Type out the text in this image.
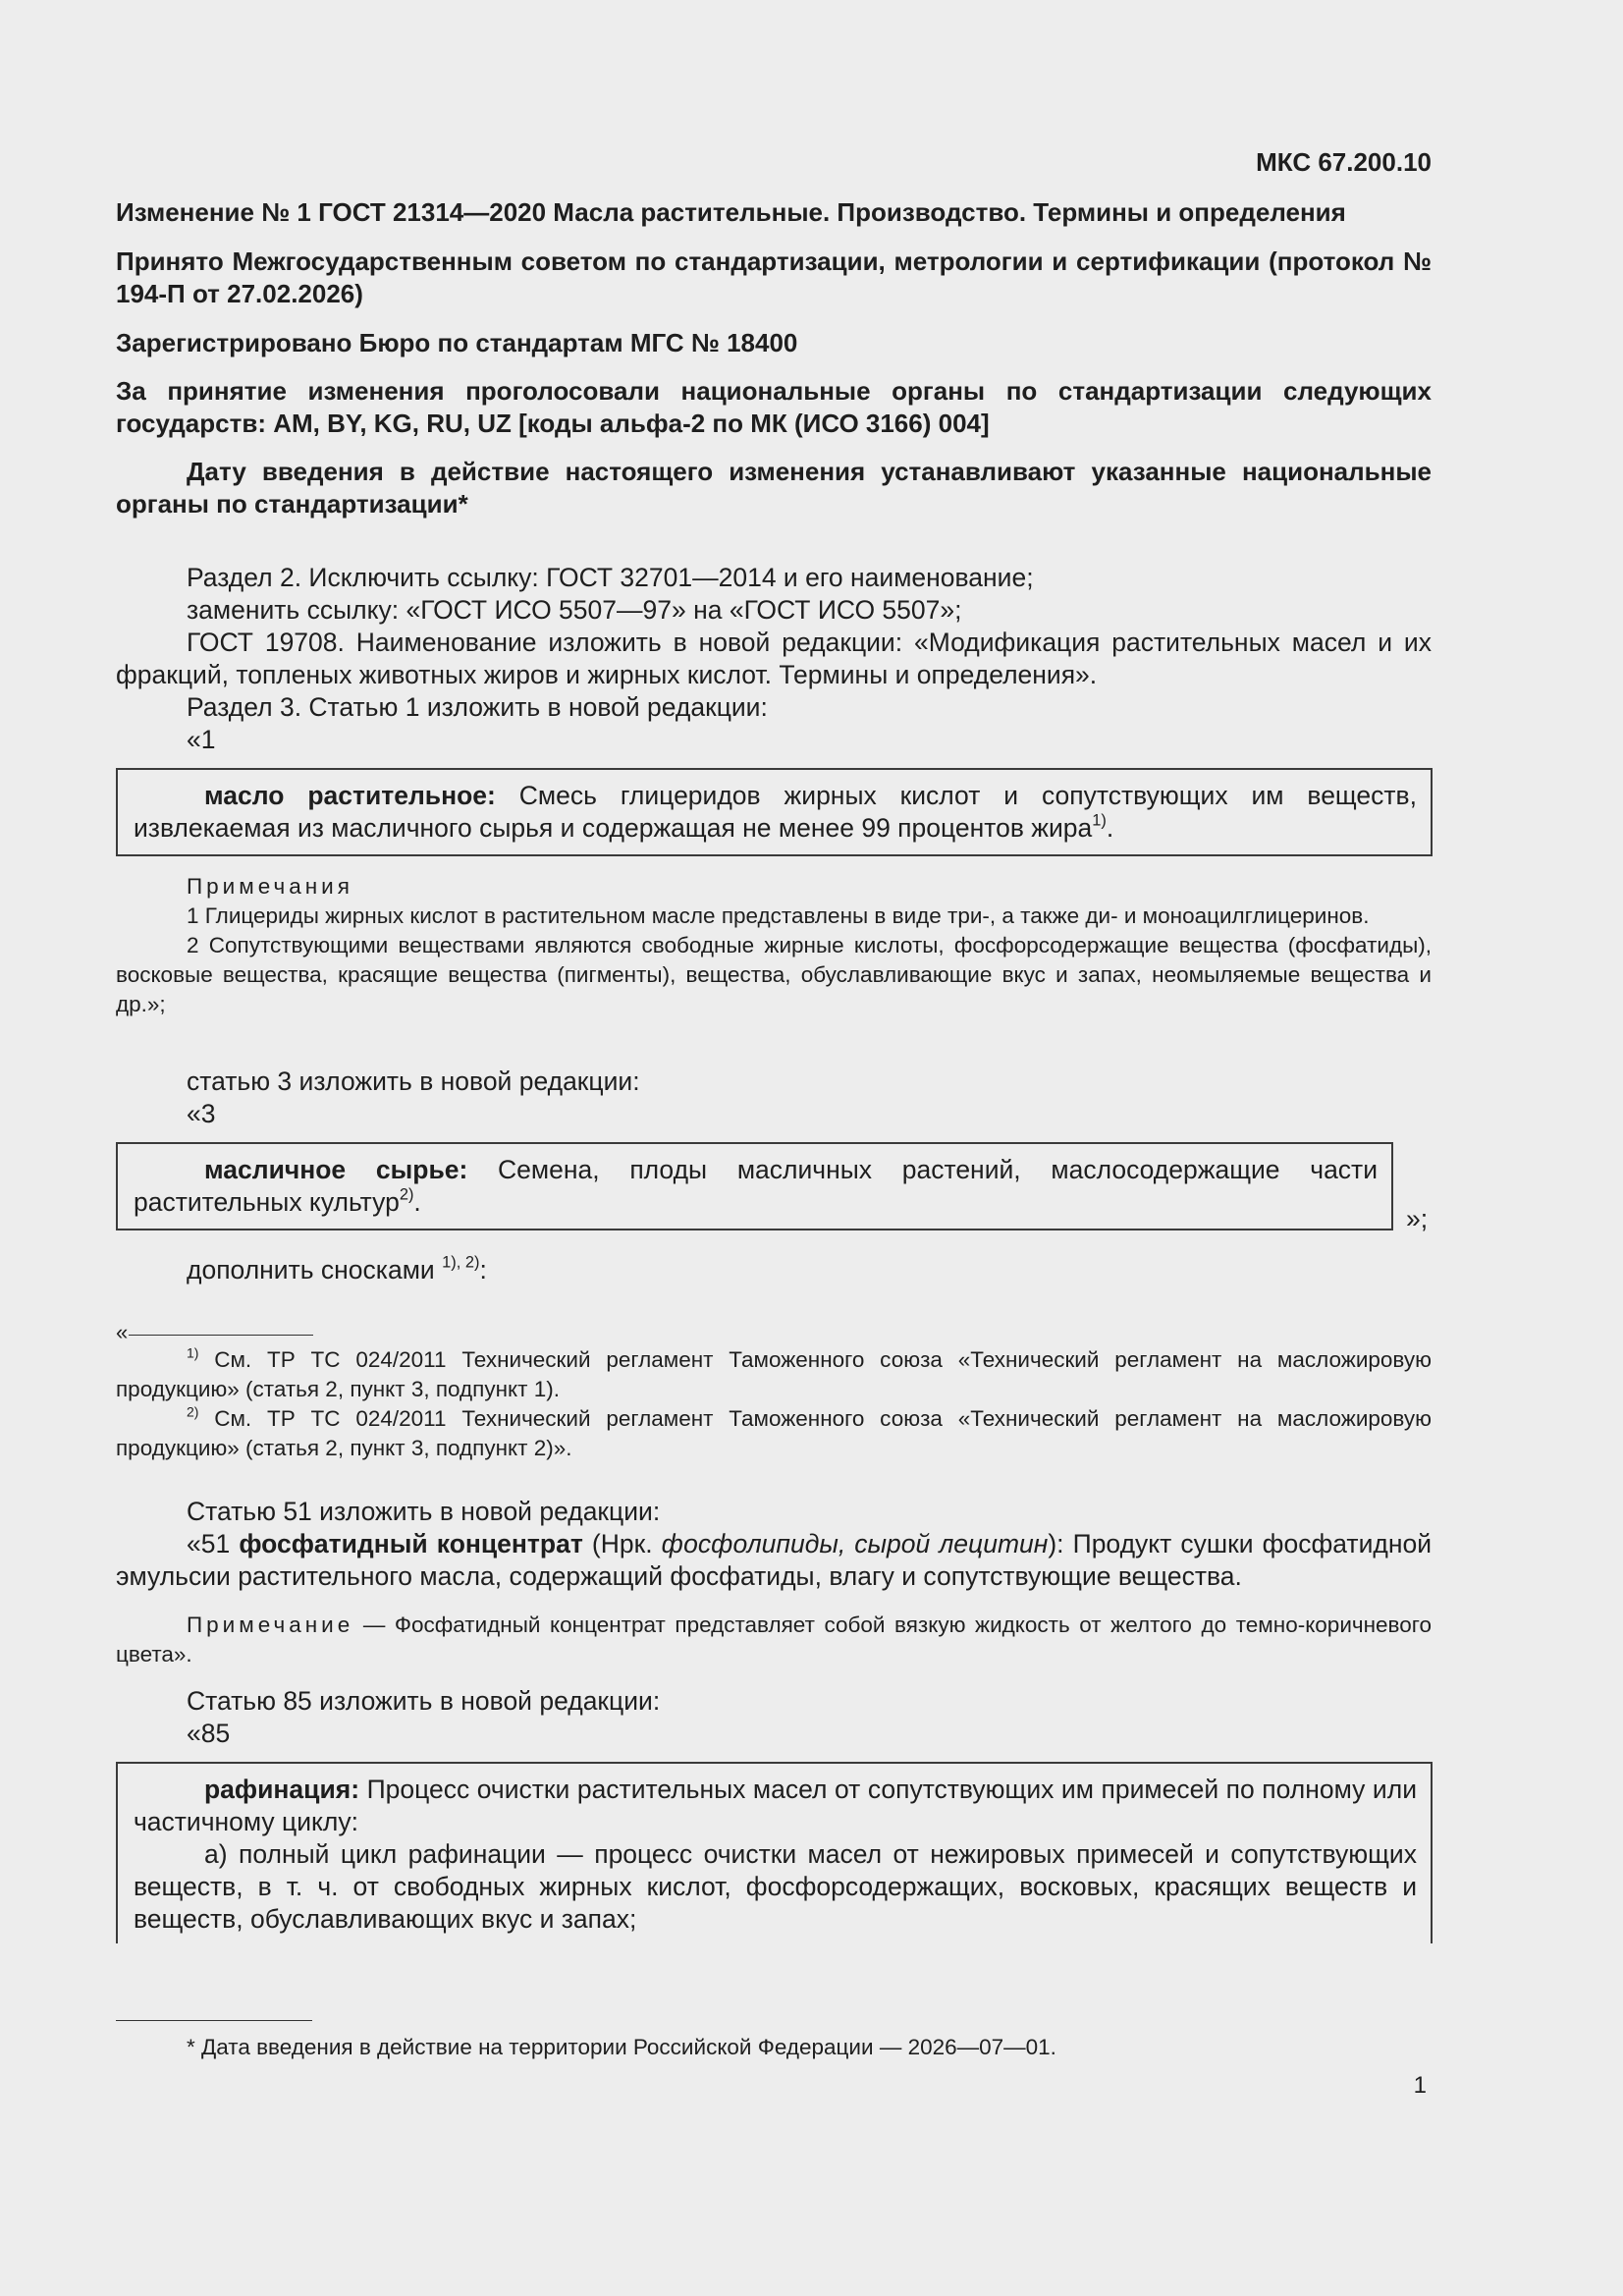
МКС 67.200.10

Изменение № 1 ГОСТ 21314—2020 Масла растительные. Производство. Термины и определения

Принято Межгосударственным советом по стандартизации, метрологии и сертификации (протокол № 194-П от 27.02.2026)

Зарегистрировано Бюро по стандартам МГС № 18400

За принятие изменения проголосовали национальные органы по стандартизации следующих государств: AM, BY, KG, RU, UZ [коды альфа-2 по МК (ИСО 3166) 004]

Дату введения в действие настоящего изменения устанавливают указанные национальные органы по стандартизации*

Раздел 2. Исключить ссылку: ГОСТ 32701—2014 и его наименование;

заменить ссылку: «ГОСТ ИСО 5507—97» на «ГОСТ ИСО 5507»;

ГОСТ 19708. Наименование изложить в новой редакции: «Модификация растительных масел и их фракций, топленых животных жиров и жирных кислот. Термины и определения».

Раздел 3. Статью 1 изложить в новой редакции:

«1

масло растительное: Смесь глицеридов жирных кислот и сопутствующих им веществ, извлекаемая из масличного сырья и содержащая не менее 99 процентов жира$^{1)}$.

Примечания

1 Глицериды жирных кислот в растительном масле представлены в виде три-, а также ди- и моноацилглицеринов.

2 Сопутствующими веществами являются свободные жирные кислоты, фосфорсодержащие вещества (фосфатиды), восковые вещества, красящие вещества (пигменты), вещества, обуславливающие вкус и запах, неомыляемые вещества и др.»;

статью 3 изложить в новой редакции:

«3

масличное сырье: Семена, плоды масличных растений, маслосодержащие части растительных культур$^{2)}$.

»;

дополнить сносками $^{1), 2)}$:

«

$^{1)}$ См. ТР ТС 024/2011 Технический регламент Таможенного союза «Технический регламент на масложировую продукцию» (статья 2, пункт 3, подпункт 1).

$^{2)}$ См. ТР ТС 024/2011 Технический регламент Таможенного союза «Технический регламент на масложировую продукцию» (статья 2, пункт 3, подпункт 2)».

Статью 51 изложить в новой редакции:

«51 фосфатидный концентрат (Нрк. фосфолипиды, сырой лецитин): Продукт сушки фосфатидной эмульсии растительного масла, содержащий фосфатиды, влагу и сопутствующие вещества.

Примечание — Фосфатидный концентрат представляет собой вязкую жидкость от желтого до темно-коричневого цвета».

Статью 85 изложить в новой редакции:

«85

рафинация: Процесс очистки растительных масел от сопутствующих им примесей по полному или частичному циклу:

а) полный цикл рафинации — процесс очистки масел от нежировых примесей и сопутствующих веществ, в т. ч. от свободных жирных кислот, фосфорсодержащих, восковых, красящих веществ и веществ, обуславливающих вкус и запах;

* Дата введения в действие на территории Российской Федерации — 2026—07—01.

1
